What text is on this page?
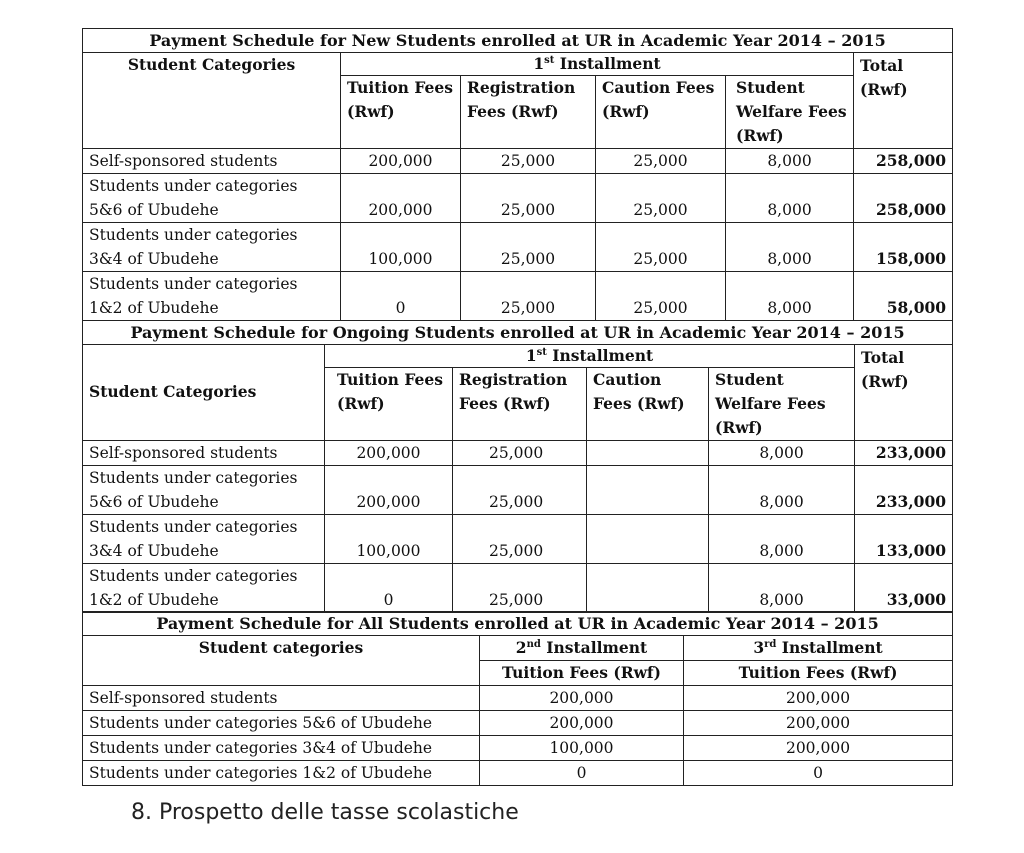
Payment Schedule for New Students enrolled at UR in Academic Year 2014 – 2015					
Student Categories	1st Installment				Total (Rwf)
	Tuition Fees (Rwf)	Registration Fees (Rwf)	Caution Fees (Rwf)	Student Welfare Fees (Rwf)	
Self-sponsored students	200,000	25,000	25,000	8,000	258,000

Students under categories
5&6 of Ubudehe	200,000	25,000	25,000	8,000	258,000

Students under categories
3&4 of Ubudehe	100,000	25,000	25,000	8,000	158,000

Students under categories
1&2 of Ubudehe	0	25,000	25,000	8,000	58,000
Payment Schedule for Ongoing Students enrolled at UR in Academic Year 2014 – 2015					
Student Categories	1st Installment				Total (Rwf)
	Tuition Fees (Rwf)	Registration Fees (Rwf)	Caution Fees (Rwf)	Student Welfare Fees (Rwf)	
Self-sponsored students	200,000	25,000		8,000	233,000

Students under categories
5&6 of Ubudehe	200,000	25,000		8,000	233,000

Students under categories
3&4 of Ubudehe	100,000	25,000		8,000	133,000

Students under categories
1&2 of Ubudehe	0	25,000		8,000	33,000
Payment Schedule for All Students enrolled at UR in Academic Year 2014 – 2015		
Student categories	2nd Installment	3rd Installment
	Tuition Fees (Rwf)	Tuition Fees (Rwf)
Self-sponsored students	200,000	200,000
Students under categories 5&6 of Ubudehe	200,000	200,000
Students under categories 3&4 of Ubudehe	100,000	200,000
Students under categories 1&2 of Ubudehe	0	0
8. Prospetto delle tasse scolastiche
